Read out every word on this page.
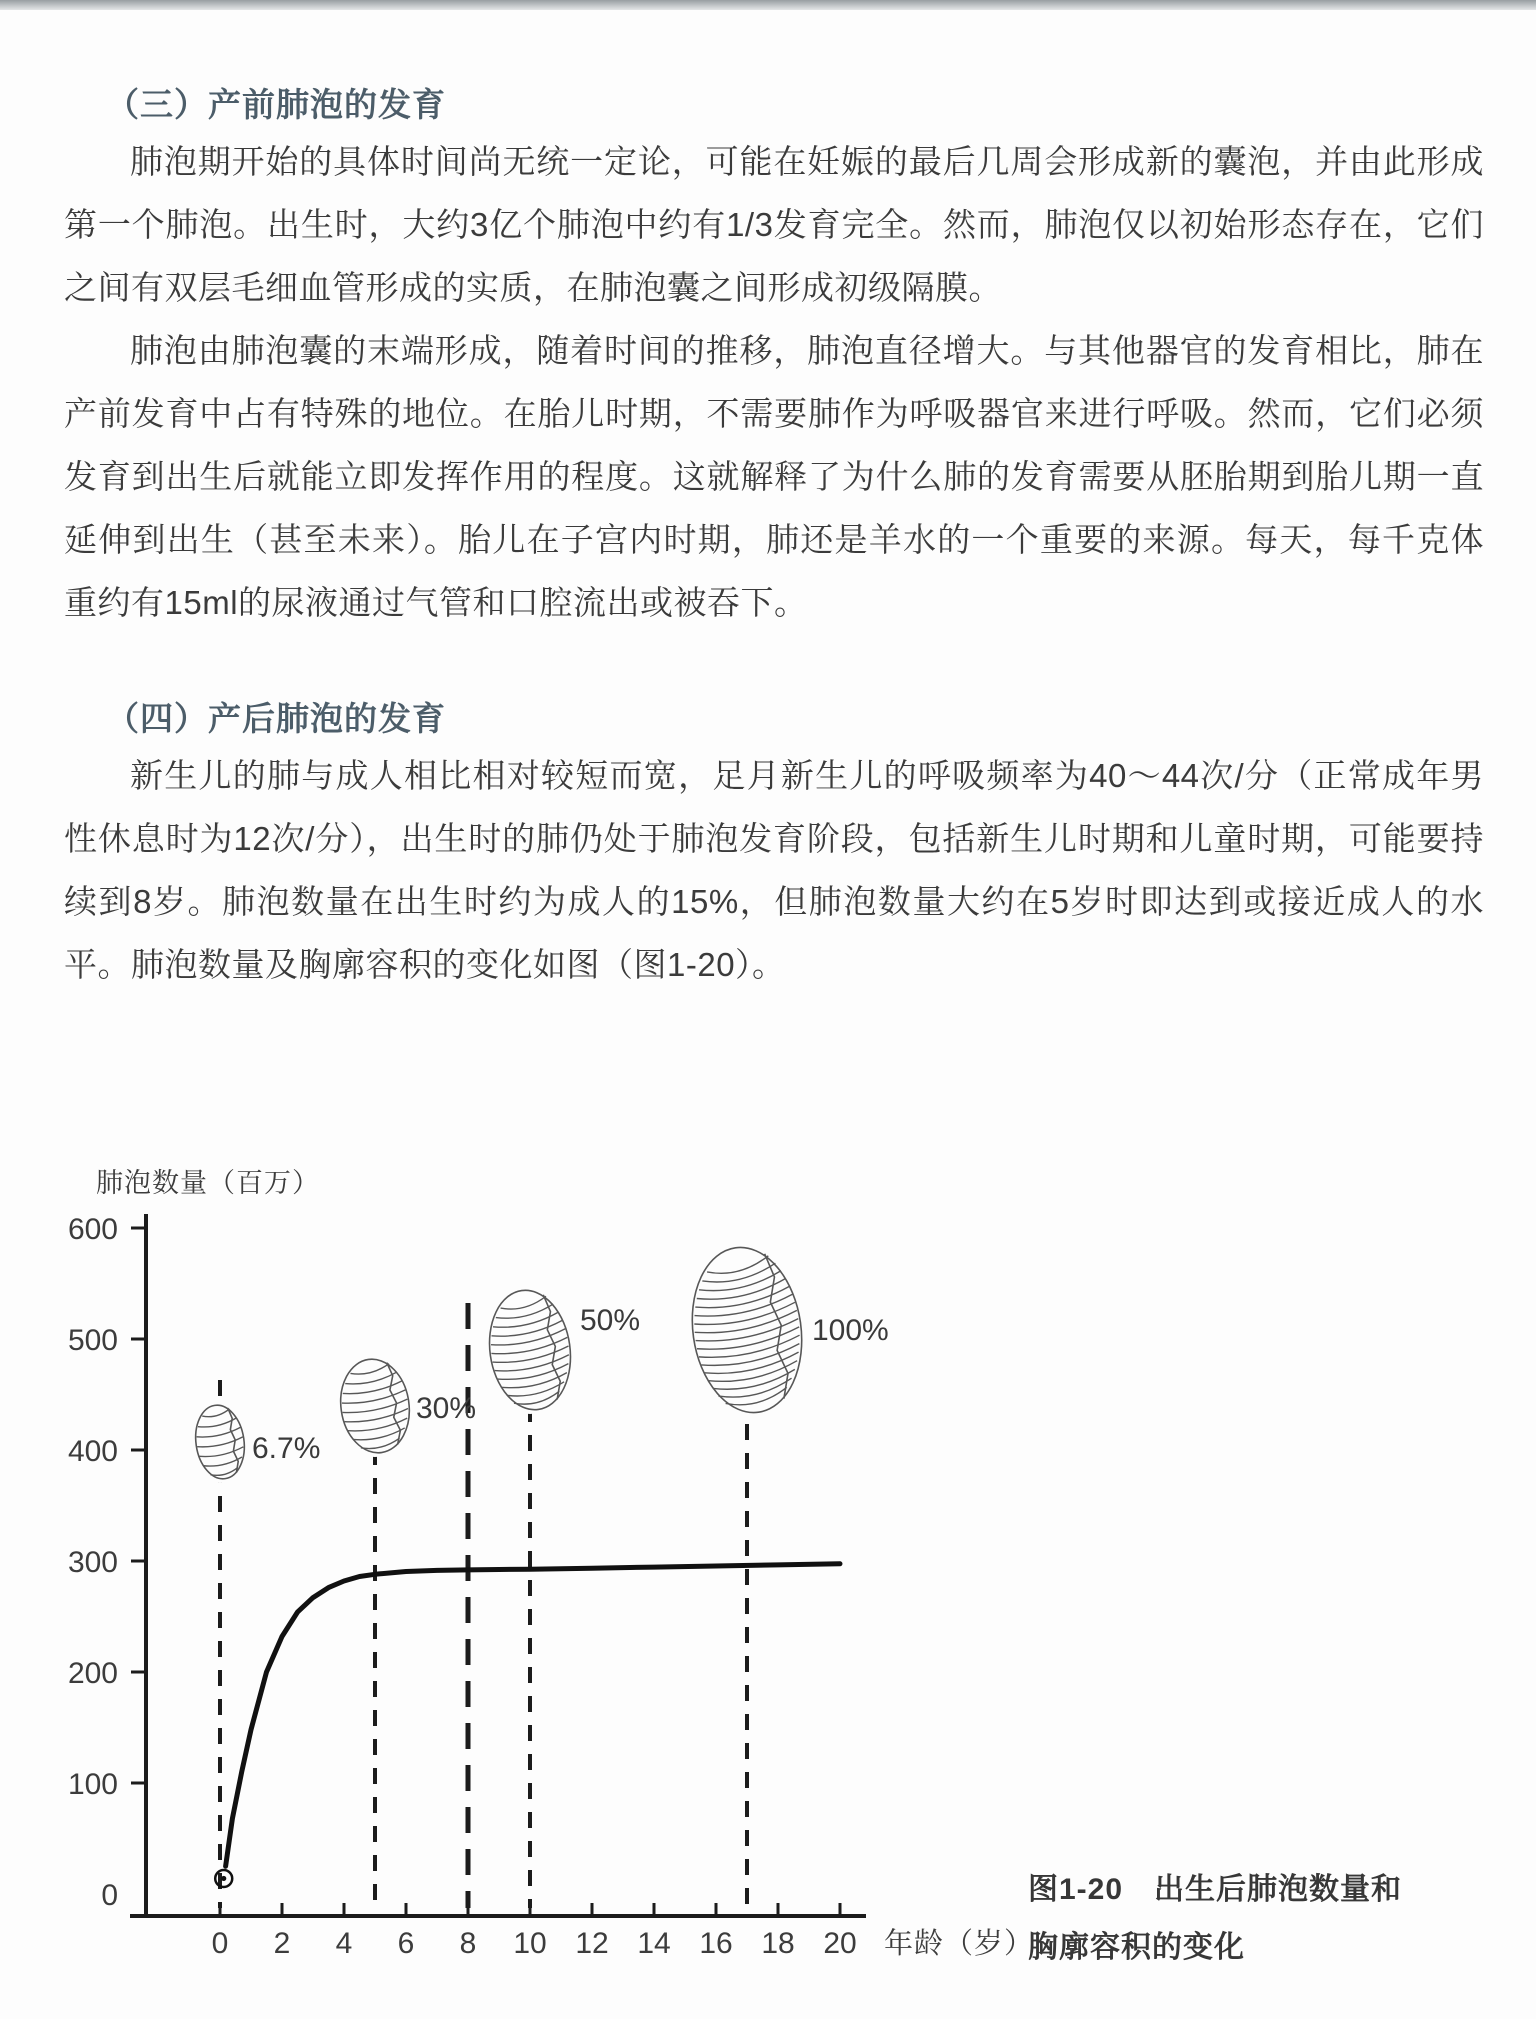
（三）产前肺泡的发育

肺泡期开始的具体时间尚无统一定论，可能在妊娠的最后几周会形成新的囊泡，并由此形成第一个肺泡。出生时，大约3亿个肺泡中约有1/3发育完全。然而，肺泡仅以初始形态存在，它们之间有双层毛细血管形成的实质，在肺泡囊之间形成初级隔膜。

肺泡由肺泡囊的末端形成，随着时间的推移，肺泡直径增大。与其他器官的发育相比，肺在产前发育中占有特殊的地位。在胎儿时期，不需要肺作为呼吸器官来进行呼吸。然而，它们必须发育到出生后就能立即发挥作用的程度。这就解释了为什么肺的发育需要从胚胎期到胎儿期一直延伸到出生（甚至未来）。胎儿在子宫内时期，肺还是羊水的一个重要的来源。每天，每千克体重约有15ml的尿液通过气管和口腔流出或被吞下。

（四）产后肺泡的发育

新生儿的肺与成人相比相对较短而宽，足月新生儿的呼吸频率为40～44次/分（正常成年男性休息时为12次/分），出生时的肺仍处于肺泡发育阶段，包括新生儿时期和儿童时期，可能要持续到8岁。肺泡数量在出生时约为成人的15%，但肺泡数量大约在5岁时即达到或接近成人的水平。肺泡数量及胸廓容积的变化如图（图1-20）。

肺泡数量（百万）
0
100
200
300
400
500
600
0 2 4 6 8 10 12 14 16 18 20 年龄（岁）
6.7%
30%
50%	100%
图1-20　出生后肺泡数量和
胸廓容积的变化
